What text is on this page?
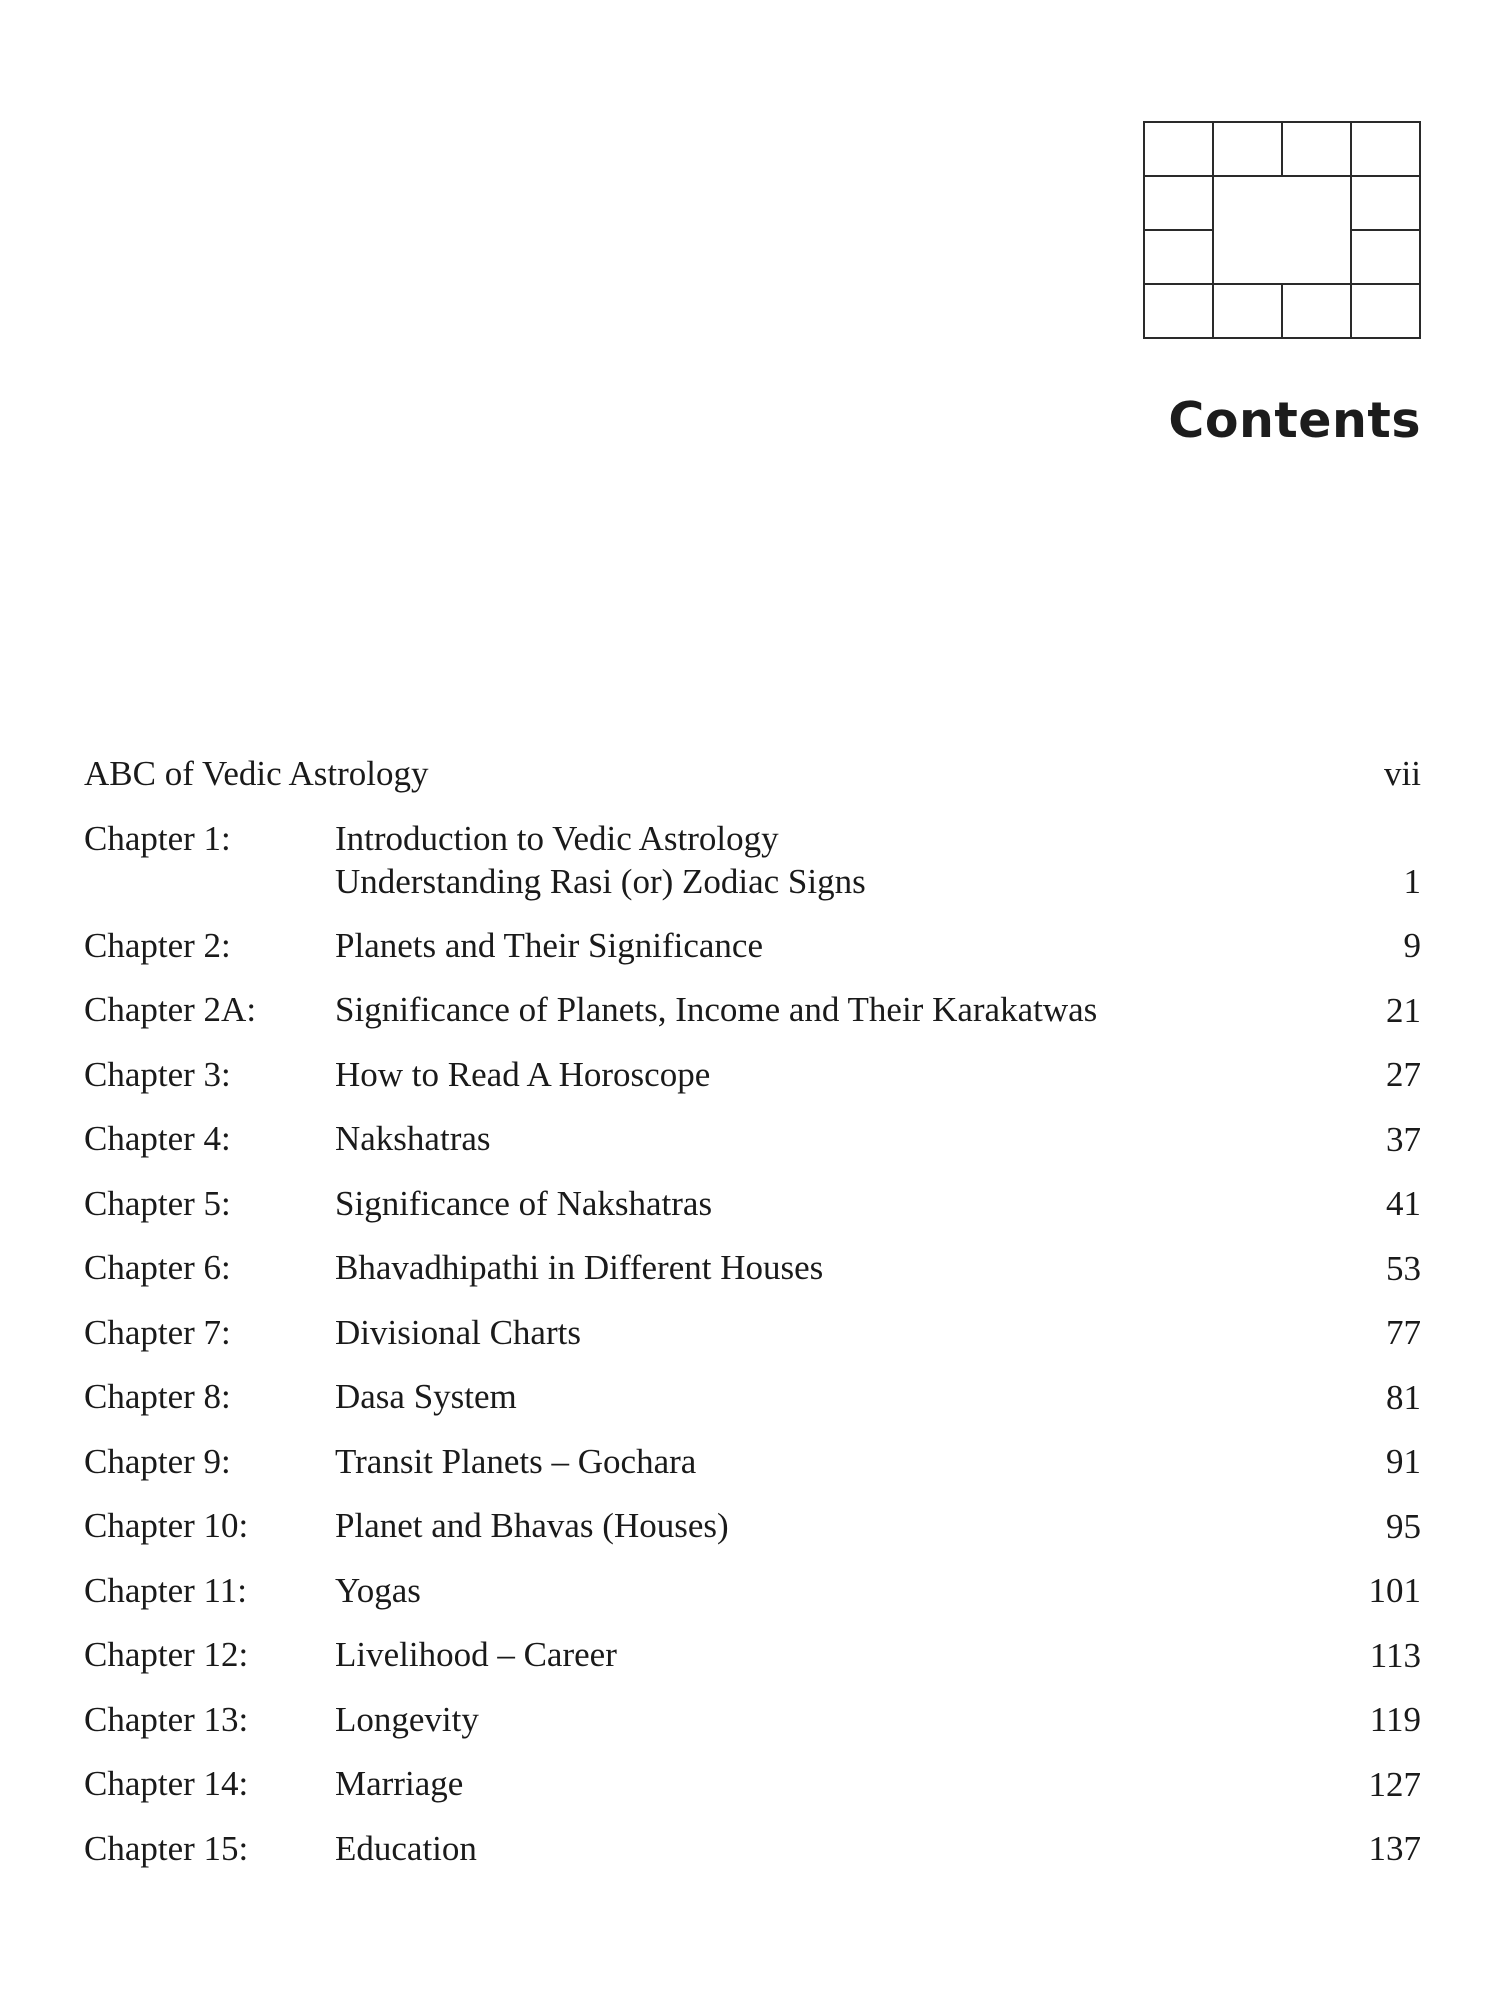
Contents
ABC of Vedic Astrology	vii
Chapter 1:	Introduction to Vedic Astrology
Understanding Rasi (or) Zodiac Signs	1
Chapter 2:	Planets and Their Significance	9
Chapter 2A: Significance of Planets, Income and Their Karakatwas	21
Chapter 3:	How to Read A Horoscope	27
Chapter 4:	Nakshatras	37
Chapter 5:	Significance of Nakshatras	41
Chapter 6:	Bhavadhipathi in Different Houses	53
Chapter 7:	Divisional Charts	77
Chapter 8:	Dasa System	81
Chapter 9:	Transit Planets – Gochara	91
Chapter 10: Planet and Bhavas (Houses)	95
Chapter 11:	Yogas	101
Chapter 12: Livelihood – Career	113
Chapter 13: Longevity	119
Chapter 14: Marriage	127
Chapter 15: Education	137
